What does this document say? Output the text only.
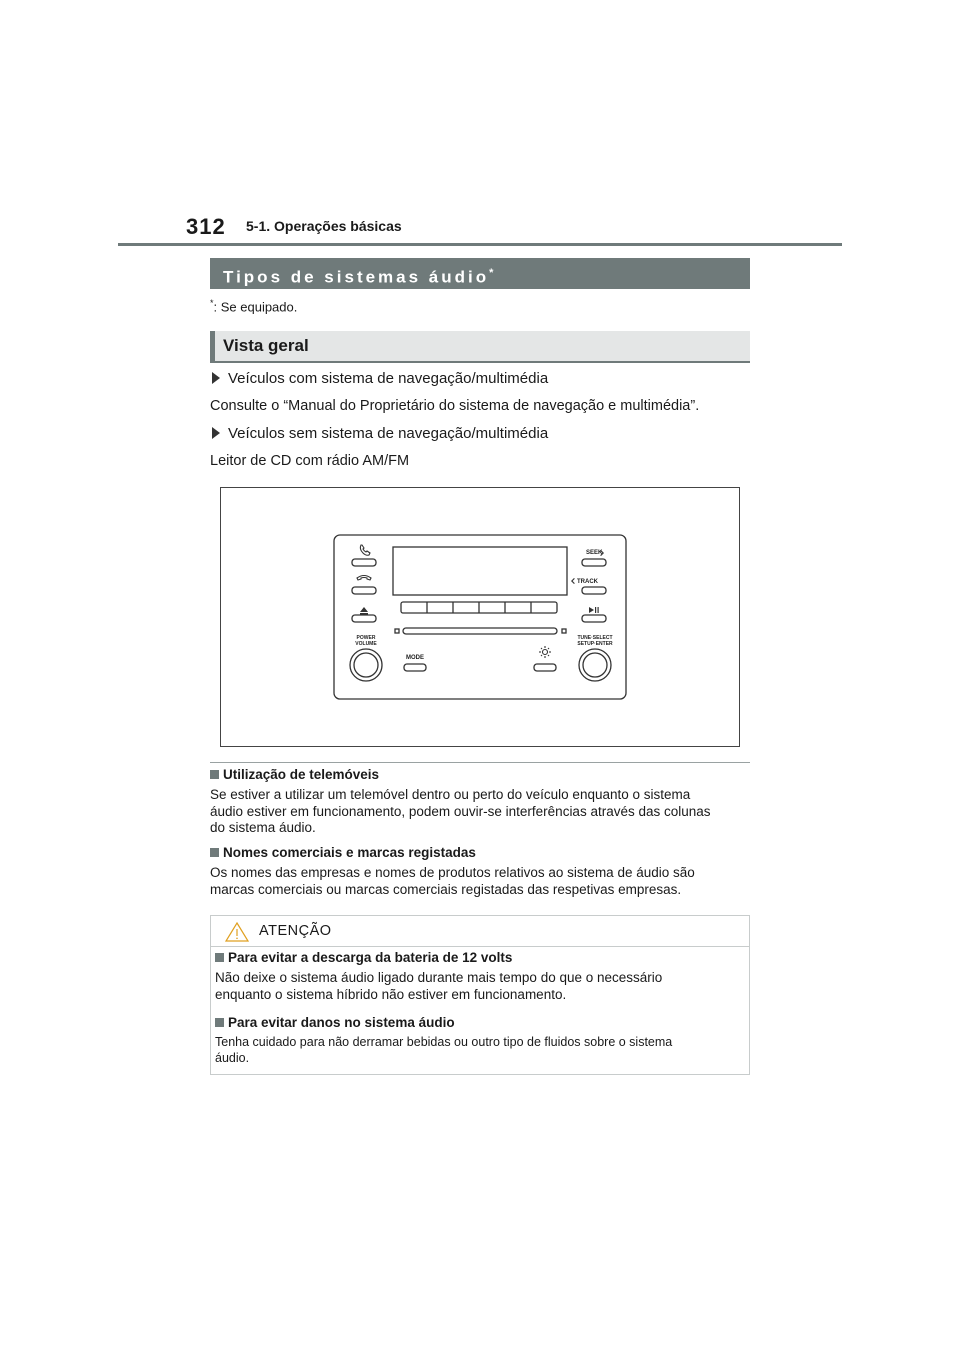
312 5-1. Operações básicas
Tipos de sistemas áudio*
*: Se equipado.
Vista geral
Veículos com sistema de navegação/multimédia
Consulte o “Manual do Proprietário do sistema de navegação e multimédia”.
Veículos sem sistema de navegação/multimédia
Leitor de CD com rádio AM/FM
SEEK
TRACK
POWER
VOLUME
TUNE·SELECT
SETUP·ENTER
MODE
Utilização de telemóveis
Se estiver a utilizar um telemóvel dentro ou perto do veículo enquanto o sistema
áudio estiver em funcionamento, podem ouvir-se interferências através das colunas
do sistema áudio.
Nomes comerciais e marcas registadas
Os nomes das empresas e nomes de produtos relativos ao sistema de áudio são
marcas comerciais ou marcas comerciais registadas das respetivas empresas.
ATENÇÃO
Para evitar a descarga da bateria de 12 volts
Não deixe o sistema áudio ligado durante mais tempo do que o necessário
enquanto o sistema híbrido não estiver em funcionamento.
Para evitar danos no sistema áudio
Tenha cuidado para não derramar bebidas ou outro tipo de fluidos sobre o sistema
áudio.
